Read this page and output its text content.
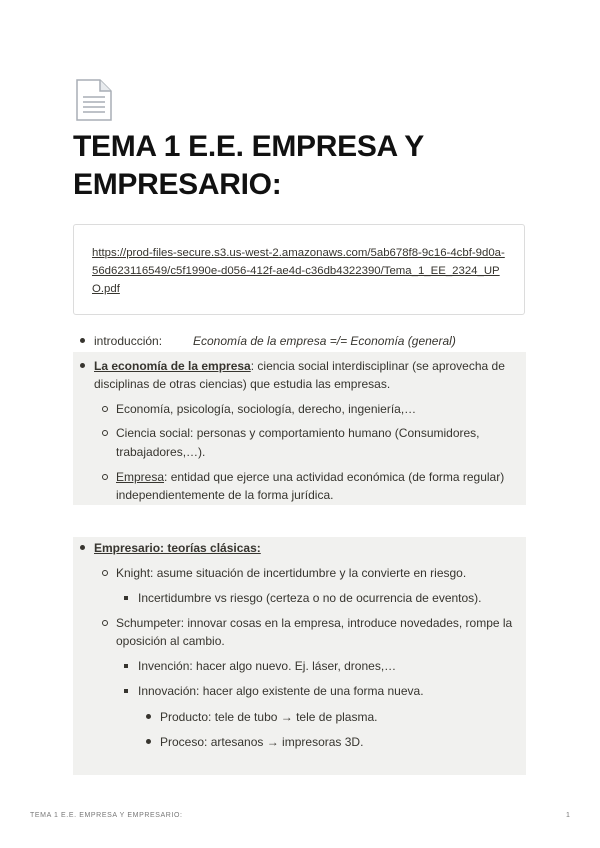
TEMA 1 E.E. EMPRESA Y EMPRESARIO:
https://prod-files-secure.s3.us-west-2.amazonaws.com/5ab678f8-9c16-4cbf-9d0a-56d623116549/c5f1990e-d056-412f-ae4d-c36db4322390/Tema_1_EE_2324_UPO.pdf
introducción:	Economía de la empresa =/= Economía (general)
La economía de la empresa: ciencia social interdisciplinar (se aprovecha de
disciplinas de otras ciencias) que estudia las empresas.
Economía, psicología, sociología, derecho, ingeniería,…
Ciencia social: personas y comportamiento humano (Consumidores,
trabajadores,…).
Empresa: entidad que ejerce una actividad económica (de forma regular)
independientemente de la forma jurídica.
Empresario: teorías clásicas:
Knight: asume situación de incertidumbre y la convierte en riesgo.
Incertidumbre vs riesgo (certeza o no de ocurrencia de eventos).
Schumpeter: innovar cosas en la empresa, introduce novedades, rompe la
oposición al cambio.
Invención: hacer algo nuevo. Ej. láser, drones,…
Innovación: hacer algo existente de una forma nueva.
Producto: tele de tubo → tele de plasma.
Proceso: artesanos → impresoras 3D.
TEMA 1 E.E. EMPRESA Y EMPRESARIO:	1
